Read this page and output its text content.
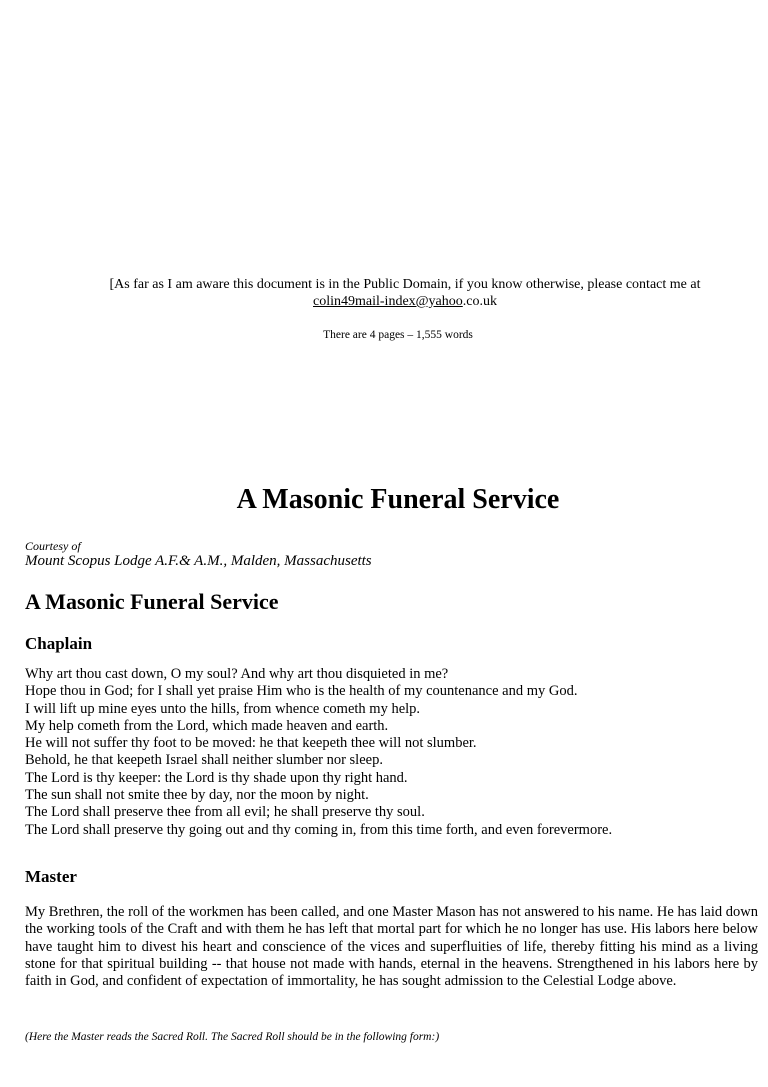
[As far as I am aware this document is in the Public Domain, if you know otherwise, please contact me at
colin49mail-index@yahoo.co.uk
There are 4 pages – 1,555 words
A Masonic Funeral Service
Courtesy of
Mount Scopus Lodge A.F.& A.M., Malden, Massachusetts
A Masonic Funeral Service
Chaplain
Why art thou cast down, O my soul? And why art thou disquieted in me?
Hope thou in God; for I shall yet praise Him who is the health of my countenance and my God.
I will lift up mine eyes unto the hills, from whence cometh my help.
My help cometh from the Lord, which made heaven and earth.
He will not suffer thy foot to be moved: he that keepeth thee will not slumber.
Behold, he that keepeth Israel shall neither slumber nor sleep.
The Lord is thy keeper: the Lord is thy shade upon thy right hand.
The sun shall not smite thee by day, nor the moon by night.
The Lord shall preserve thee from all evil; he shall preserve thy soul.
The Lord shall preserve thy going out and thy coming in, from this time forth, and even forevermore.
Master
My Brethren, the roll of the workmen has been called, and one Master Mason has not answered to his name. He has laid down the working tools of the Craft and with them he has left that mortal part for which he no longer has use. His labors here below have taught him to divest his heart and conscience of the vices and superfluities of life, thereby fitting his mind as a living stone for that spiritual building -- that house not made with hands, eternal in the heavens. Strengthened in his labors here by faith in God, and confident of expectation of immortality, he has sought admission to the Celestial Lodge above.
(Here the Master reads the Sacred Roll. The Sacred Roll should be in the following form:)
